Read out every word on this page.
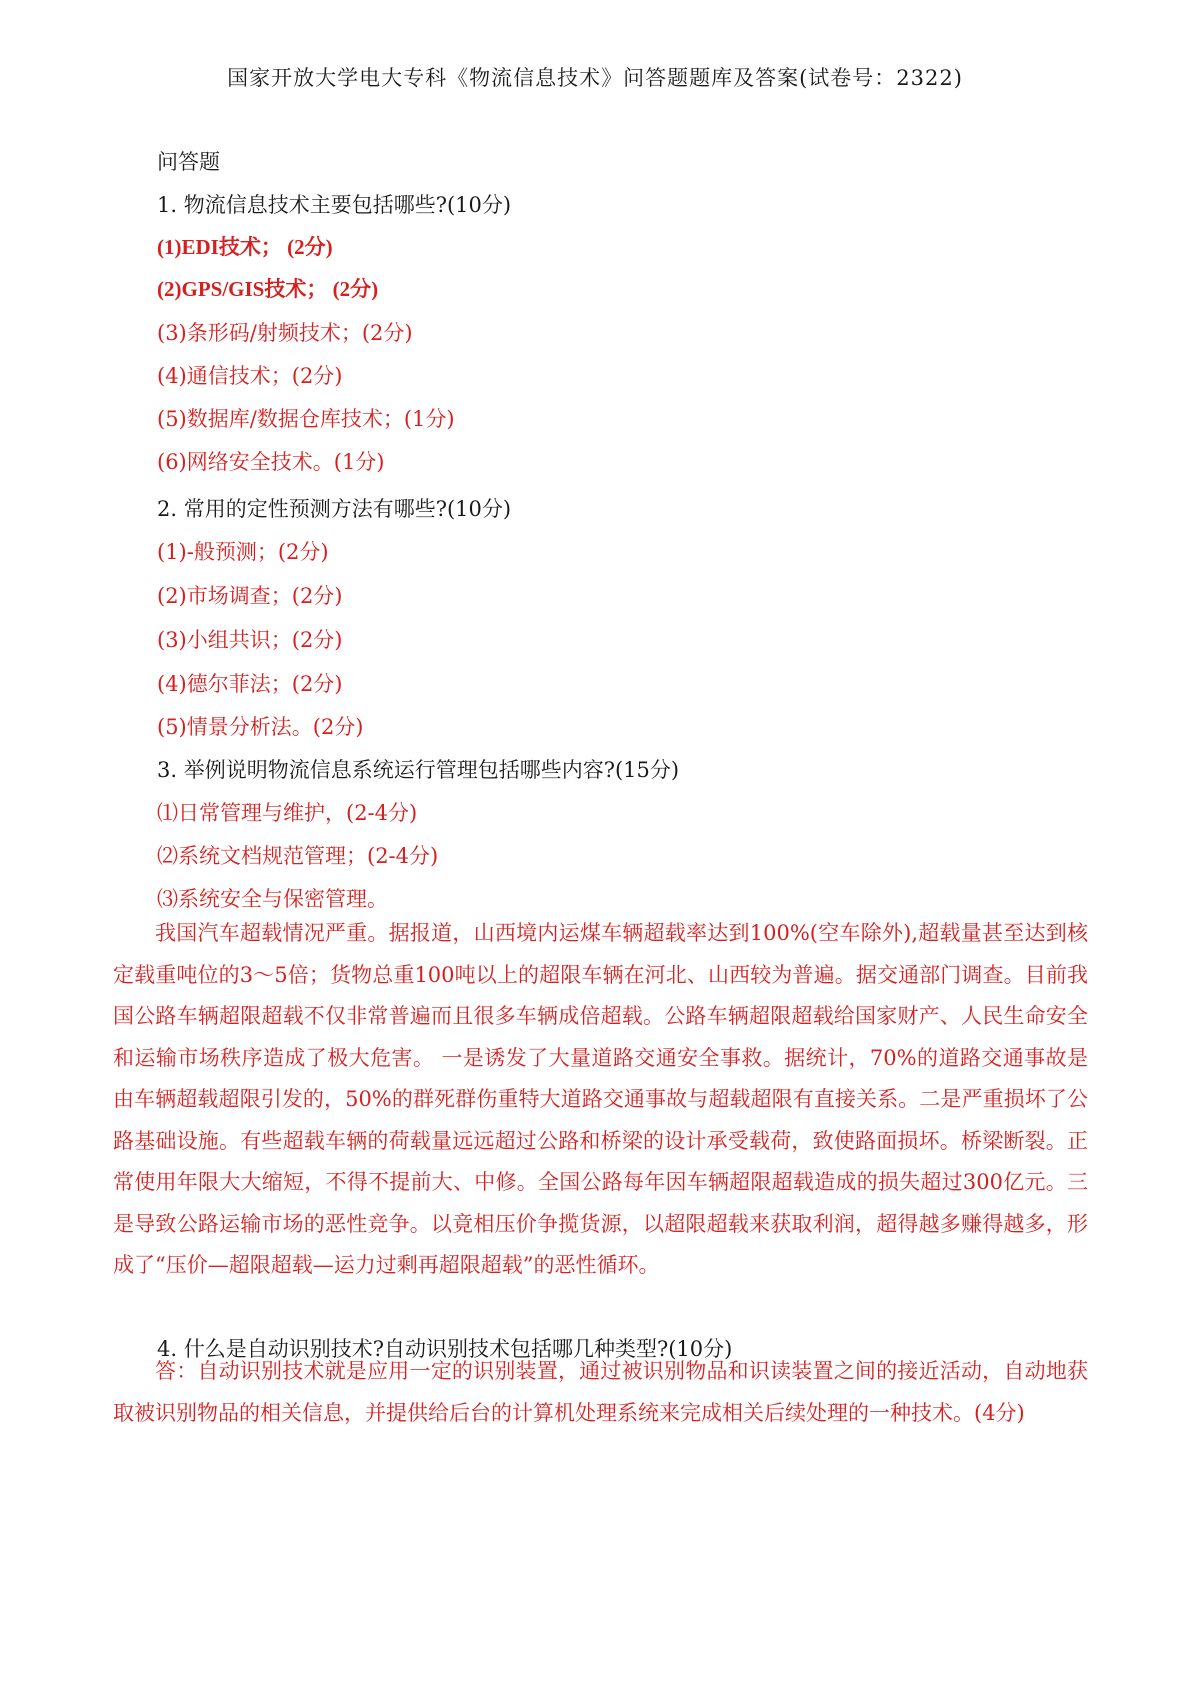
国家开放大学电大专科《物流信息技术》问答题题库及答案(试卷号：2322)
问答题
1. 物流信息技术主要包括哪些?(10分)
(1)EDI技术； (2分)
(2)GPS/GIS技术； (2分)
(3)条形码/射频技术；(2分)
(4)通信技术；(2分)
(5)数据库/数据仓库技术；(1分)
(6)网络安全技术。(1分)
2. 常用的定性预测方法有哪些?(10分)
(1)-般预测；(2分)
(2)市场调查；(2分)
(3)小组共识；(2分)
(4)德尔菲法；(2分)
(5)情景分析法。(2分)
3. 举例说明物流信息系统运行管理包括哪些内容?(15分)
⑴日常管理与维护，(2-4分)
⑵系统文档规范管理；(2-4分)
⑶系统安全与保密管理。

我国汽车超载情况严重。据报道，山西境内运煤车辆超载率达到100%(空车除外),超载量甚至达到核定载重吨位的3～5倍；货物总重100吨以上的超限车辆在河北、山西较为普遍。据交通部门调查。目前我国公路车辆超限超载不仅非常普遍而且很多车辆成倍超载。公路车辆超限超载给国家财产、人民生命安全和运输市场秩序造成了极大危害。 一是诱发了大量道路交通安全事救。据统计，70%的道路交通事故是由车辆超载超限引发的，50%的群死群伤重特大道路交通事故与超载超限有直接关系。二是严重损坏了公路基础设施。有些超载车辆的荷载量远远超过公路和桥梁的设计承受载荷，致使路面损坏。桥梁断裂。正常使用年限大大缩短，不得不提前大、中修。全国公路每年因车辆超限超载造成的损失超过300亿元。三是导致公路运输市场的恶性竞争。以竟相压价争揽货源，以超限超载来获取利润，超得越多赚得越多，形成了“压价—超限超载—运力过剩再超限超载”的恶性循环。

4. 什么是自动识别技术?自动识别技术包括哪几种类型?(10分)

答：自动识别技术就是应用一定的识别装置，通过被识别物品和识读装置之间的接近活动，自动地获取被识别物品的相关信息，并提供给后台的计算机处理系统来完成相关后续处理的一种技术。(4分)
